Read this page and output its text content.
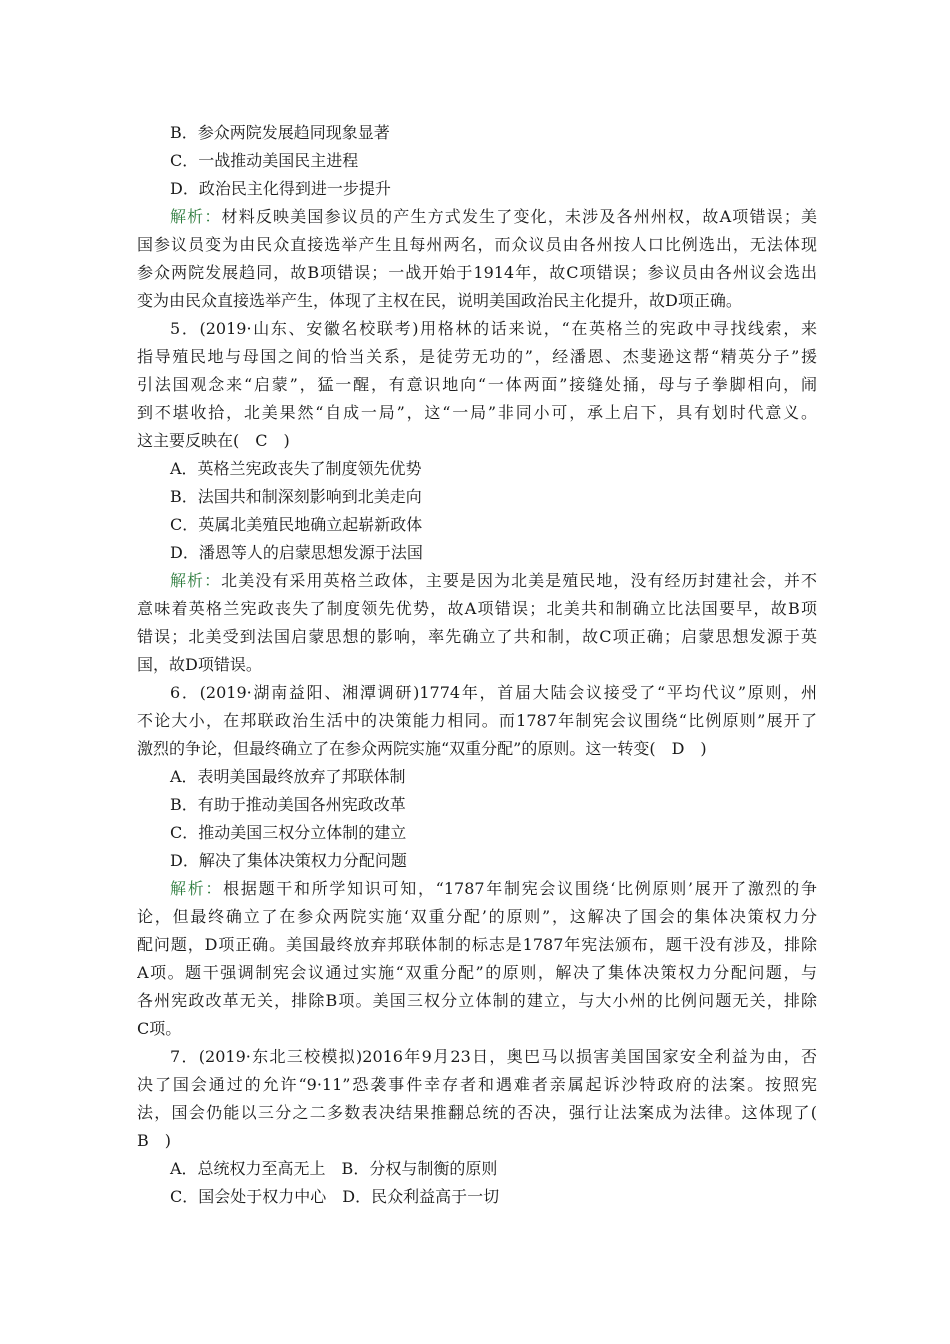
B．参众两院发展趋同现象显著
C．一战推动美国民主进程
D．政治民主化得到进一步提升
解析：材料反映美国参议员的产生方式发生了变化，未涉及各州州权，故A项错误；美
国参议员变为由民众直接选举产生且每州两名，而众议员由各州按人口比例选出，无法体现
参众两院发展趋同，故B项错误；一战开始于1914年，故C项错误；参议员由各州议会选出
变为由民众直接选举产生，体现了主权在民，说明美国政治民主化提升，故D项正确。
5．(2019·山东、安徽名校联考)用格林的话来说，“在英格兰的宪政中寻找线索，来
指导殖民地与母国之间的恰当关系，是徒劳无功的”，经潘恩、杰斐逊这帮“精英分子”援
引法国观念来“启蒙”，猛一醒，有意识地向“一体两面”接缝处捅，母与子拳脚相向，闹
到不堪收拾，北美果然“自成一局”，这“一局”非同小可，承上启下，具有划时代意义。
这主要反映在(　C　)
A．英格兰宪政丧失了制度领先优势
B．法国共和制深刻影响到北美走向
C．英属北美殖民地确立起崭新政体
D．潘恩等人的启蒙思想发源于法国
解析：北美没有采用英格兰政体，主要是因为北美是殖民地，没有经历封建社会，并不
意味着英格兰宪政丧失了制度领先优势，故A项错误；北美共和制确立比法国要早，故B项
错误；北美受到法国启蒙思想的影响，率先确立了共和制，故C项正确；启蒙思想发源于英
国，故D项错误。
6．(2019·湖南益阳、湘潭调研)1774年，首届大陆会议接受了“平均代议”原则，州
不论大小，在邦联政治生活中的决策能力相同。而1787年制宪会议围绕“比例原则”展开了
激烈的争论，但最终确立了在参众两院实施“双重分配”的原则。这一转变(　D　)
A．表明美国最终放弃了邦联体制
B．有助于推动美国各州宪政改革
C．推动美国三权分立体制的建立
D．解决了集体决策权力分配问题
解析：根据题干和所学知识可知，“1787年制宪会议围绕‘比例原则’展开了激烈的争
论，但最终确立了在参众两院实施‘双重分配’的原则”，这解决了国会的集体决策权力分
配问题，D项正确。美国最终放弃邦联体制的标志是1787年宪法颁布，题干没有涉及，排除
A项。题干强调制宪会议通过实施“双重分配”的原则，解决了集体决策权力分配问题，与
各州宪政改革无关，排除B项。美国三权分立体制的建立，与大小州的比例问题无关，排除
C项。
7．(2019·东北三校模拟)2016年9月23日，奥巴马以损害美国国家安全利益为由，否
决了国会通过的允许“9·11”恐袭事件幸存者和遇难者亲属起诉沙特政府的法案。按照宪
法，国会仍能以三分之二多数表决结果推翻总统的否决，强行让法案成为法律。这体现了(
B　)
A．总统权力至高无上　B．分权与制衡的原则
C．国会处于权力中心　D．民众利益高于一切
